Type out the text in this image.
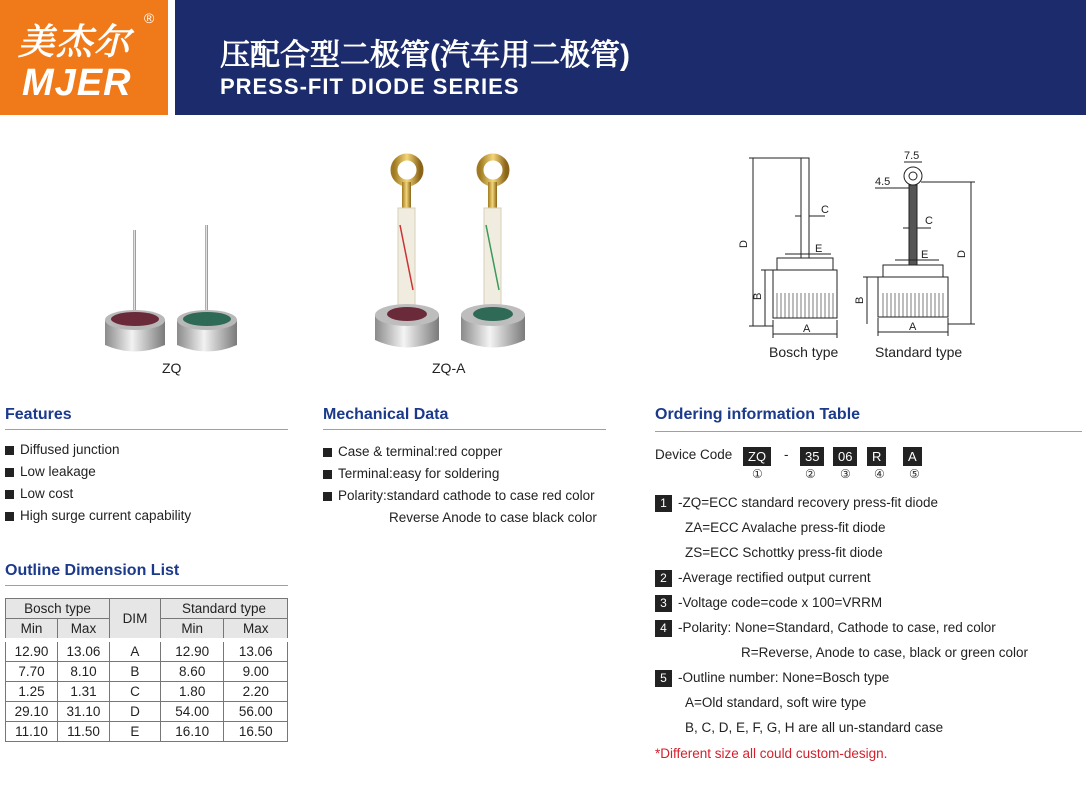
美杰尔
®
MJER
压配合型二极管(汽车用二极管)
PRESS-FIT DIODE SERIES
ZQ	ZQ-A
D
B
A
C
E
7.5
4.5
C
E
B
D
A
Bosch type	Standard type
Features
Diffused junction
Low leakage
Low cost
High surge current capability
Mechanical Data
Case & terminal:red copper
Terminal:easy for soldering
Polarity:standard cathode to case red color
Reverse Anode to case black color
Outline Dimension List
Bosch type		DIM	Standard type	
Min	Max		Min	Max
12.90	13.06	A	12.90	13.06
7.70	8.10	B	8.60	9.00
1.25	1.31	C	1.80	2.20
29.10	31.10	D	54.00	56.00
11.10	11.50	E	16.10	16.50
Ordering information Table
Device Code	ZQ	-	35	06	R	A
①	② ③ ④ ⑤
1 -ZQ=ECC standard recovery press-fit diode
ZA=ECC Avalache press-fit diode
ZS=ECC Schottky press-fit diode
2 -Average rectified output current
3 -Voltage code=code x 100=VRRM
4 -Polarity: None=Standard, Cathode to case, red color
R=Reverse, Anode to case, black or green color
5 -Outline number: None=Bosch type
A=Old standard, soft wire type
B, C, D, E, F, G, H are all un-standard case
*Different size all could custom-design.
